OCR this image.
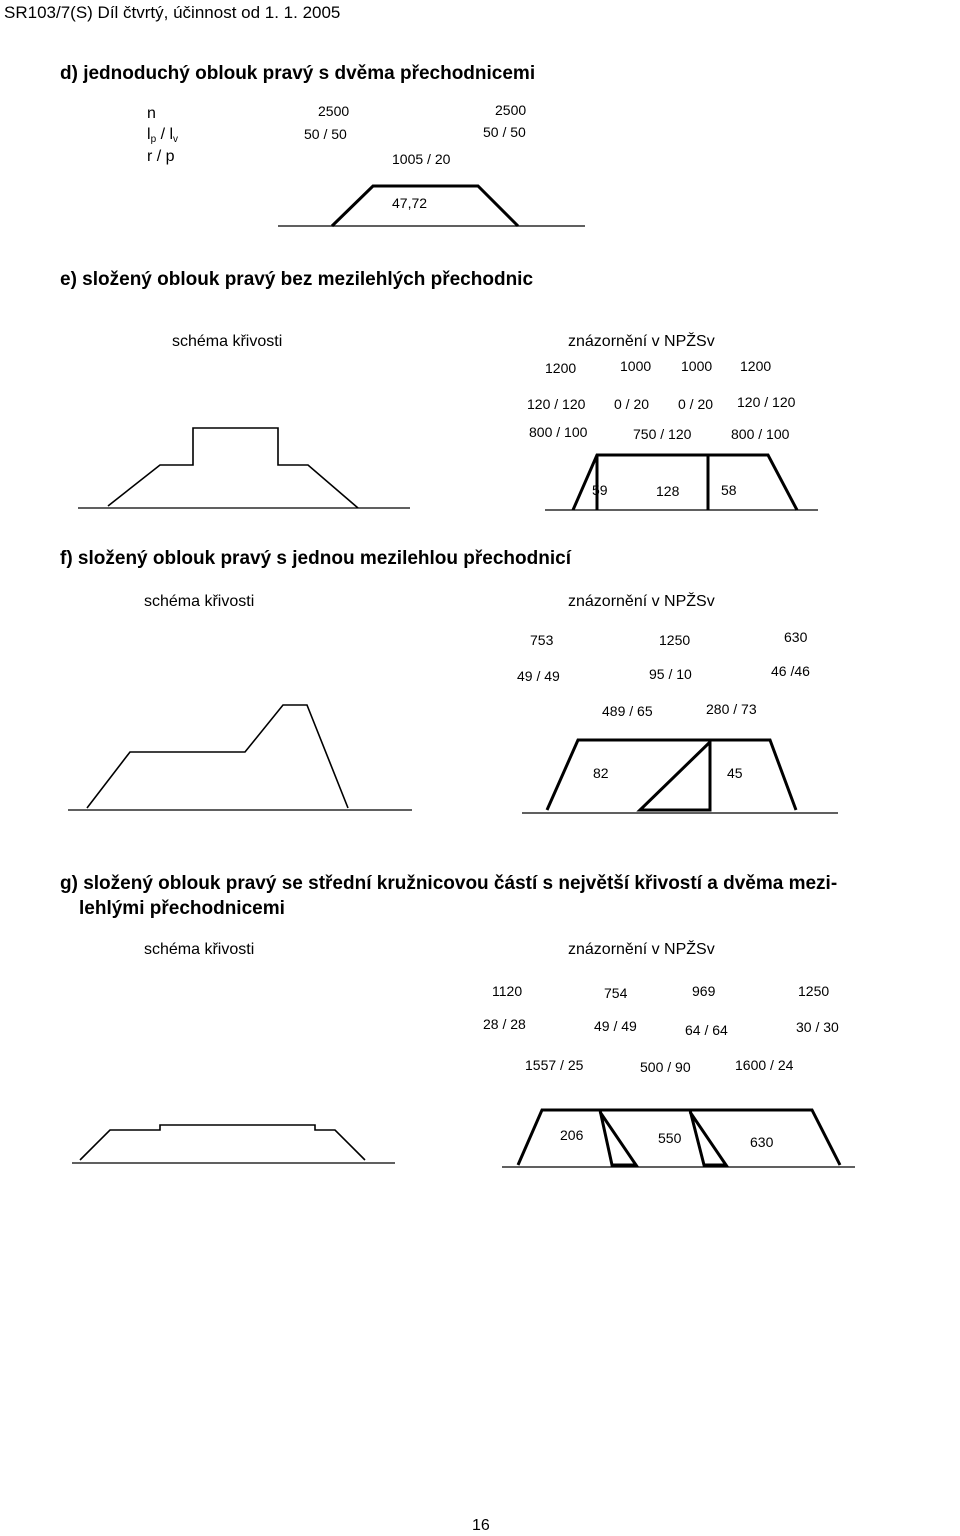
SR103/7(S) Díl čtvrtý, účinnost od 1. 1. 2005
d) jednoduchý oblouk pravý s dvěma přechodnicemi
n
$l_p / l_v$
r / p
2500	2500
50 / 50	50 / 50
1005 / 20
47,72
e) složený oblouk pravý bez mezilehlých přechodnic
schéma křivosti	znázornění v NPŽSv
1200	1000 1000 1200
120 / 120 0 / 20 0 / 20 120 / 120
800 / 100	750 / 120	800 / 100
59	128	58
f) složený oblouk pravý s jednou mezilehlou přechodnicí
schéma křivosti	znázornění v NPŽSv
753	1250	630
49 / 49	95 / 10	46 /46
489 / 65	280 / 73
82	45
g) složený oblouk pravý se střední kružnicovou částí s největší křivostí a dvěma mezi-
lehlými přechodnicemi
schéma křivosti	znázornění v NPŽSv
1120	754	969	1250
28 / 28	49 / 49	64 / 64	30 / 30
1557 / 25	500 / 90	1600 / 24
206	550	630
16
